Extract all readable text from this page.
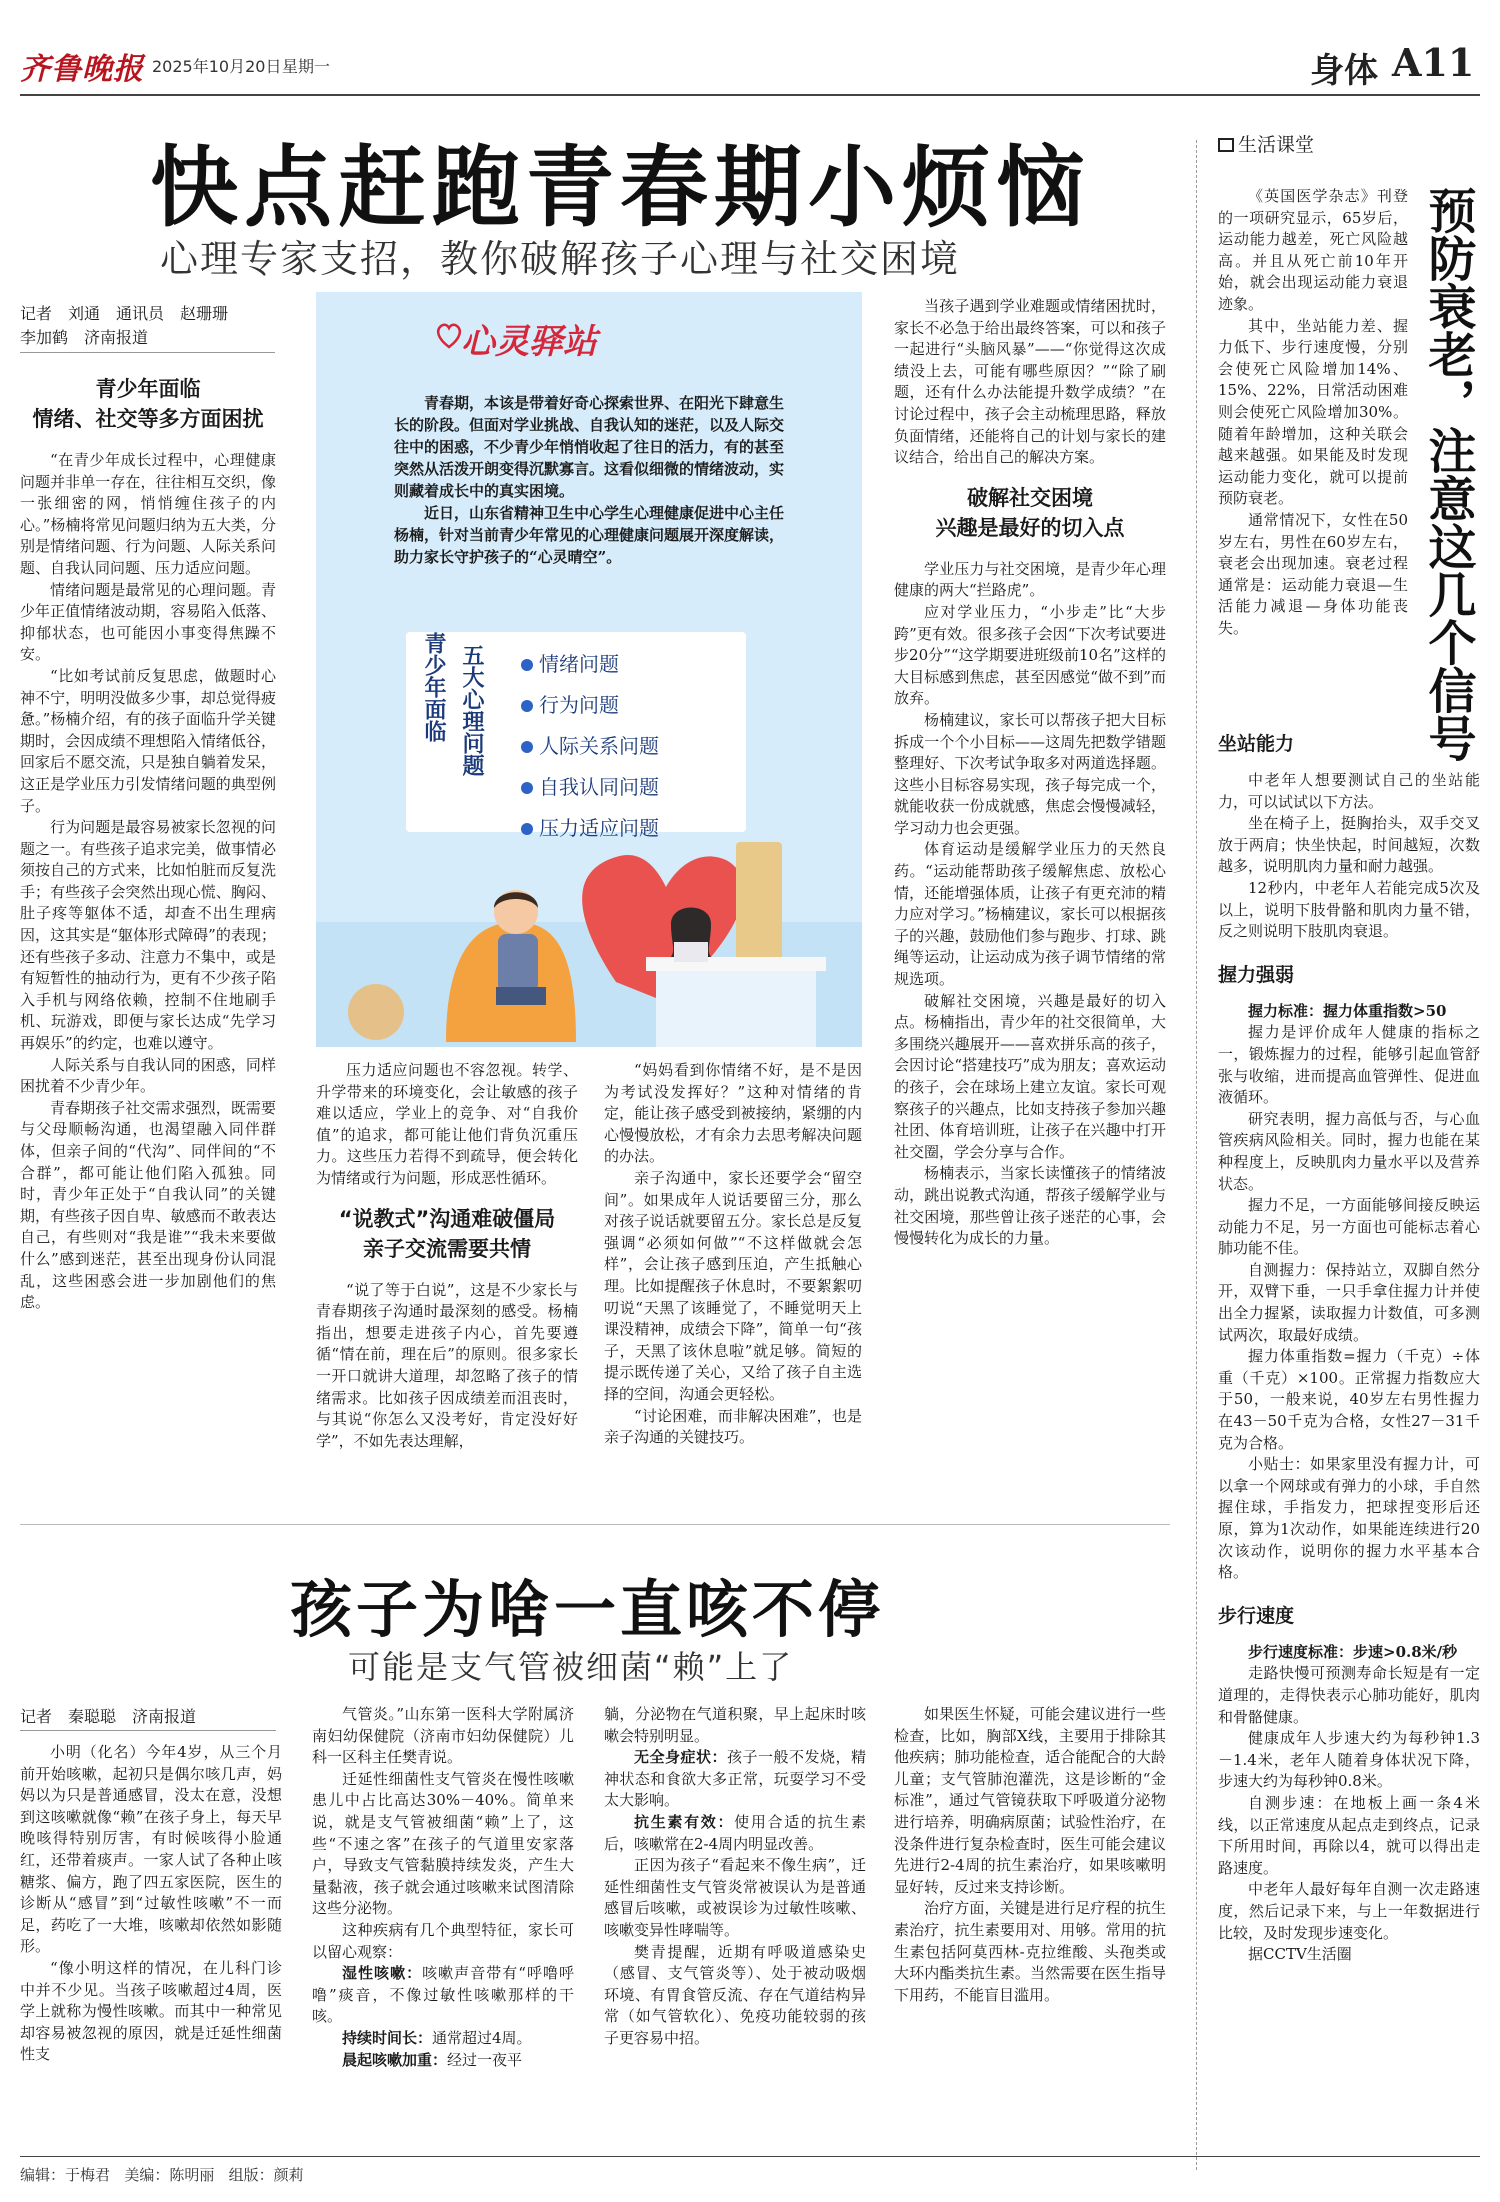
齐鲁晚报 2025年10月20日 星期一	身体 A11
快点赶跑青春期小烦恼
心理专家支招，教你破解孩子心理与社交困境
记者　刘通　通讯员　赵珊珊
李加鹤　济南报道
青少年面临
情绪、社交等多方面困扰

“在青少年成长过程中，心理健康问题并非单一存在，往往相互交织，像一张细密的网，悄悄缠住孩子的内心。”杨楠将常见问题归纳为五大类，分别是情绪问题、行为问题、人际关系问题、自我认同问题、压力适应问题。

情绪问题是最常见的心理问题。青少年正值情绪波动期，容易陷入低落、抑郁状态，也可能因小事变得焦躁不安。

“比如考试前反复思虑，做题时心神不宁，明明没做多少事，却总觉得疲惫。”杨楠介绍，有的孩子面临升学关键期时，会因成绩不理想陷入情绪低谷，回家后不愿交流，只是独自躺着发呆，这正是学业压力引发情绪问题的典型例子。

行为问题是最容易被家长忽视的问题之一。有些孩子追求完美，做事情必须按自己的方式来，比如怕脏而反复洗手；有些孩子会突然出现心慌、胸闷、肚子疼等躯体不适，却查不出生理病因，这其实是“躯体形式障碍”的表现；还有些孩子多动、注意力不集中，或是有短暂性的抽动行为，更有不少孩子陷入手机与网络依赖，控制不住地刷手机、玩游戏，即便与家长达成“先学习再娱乐”的约定，也难以遵守。

人际关系与自我认同的困惑，同样困扰着不少青少年。

青春期孩子社交需求强烈，既需要与父母顺畅沟通，也渴望融入同伴群体，但亲子间的“代沟”、同伴间的“不合群”，都可能让他们陷入孤独。同时，青少年正处于“自我认同”的关键期，有些孩子因自卑、敏感而不敢表达自己，有些则对“我是谁”“我未来要做什么”感到迷茫，甚至出现身份认同混乱，这些困惑会进一步加剧他们的焦虑。

心灵驿站

青春期，本该是带着好奇心探索世界、在阳光下肆意生长的阶段。但面对学业挑战、自我认知的迷茫，以及人际交往中的困惑，不少青少年悄悄收起了往日的活力，有的甚至突然从活泼开朗变得沉默寡言。这看似细微的情绪波动，实则藏着成长中的真实困境。

近日，山东省精神卫生中心学生心理健康促进中心主任杨楠，针对当前青少年常见的心理健康问题展开深度解读，助力家长守护孩子的“心灵晴空”。

五大心理问题
青少年面临	情绪问题
行为问题
人际关系问题
自我认同问题
压力适应问题

压力适应问题也不容忽视。转学、升学带来的环境变化，会让敏感的孩子难以适应，学业上的竞争、对“自我价值”的追求，都可能让他们背负沉重压力。这些压力若得不到疏导，便会转化为情绪或行为问题，形成恶性循环。

“说教式”沟通难破僵局
亲子交流需要共情

“说了等于白说”，这是不少家长与青春期孩子沟通时最深刻的感受。杨楠指出，想要走进孩子内心，首先要遵循“情在前，理在后”的原则。很多家长一开口就讲大道理，却忽略了孩子的情绪需求。比如孩子因成绩差而沮丧时，与其说“你怎么又没考好，肯定没好好学”，不如先表达理解，

“妈妈看到你情绪不好，是不是因为考试没发挥好？”这种对情绪的肯定，能让孩子感受到被接纳，紧绷的内心慢慢放松，才有余力去思考解决问题的办法。

亲子沟通中，家长还要学会“留空间”。如果成年人说话要留三分，那么对孩子说话就要留五分。家长总是反复强调“必须如何做”“不这样做就会怎样”，会让孩子感到压迫，产生抵触心理。比如提醒孩子休息时，不要絮絮叨叨说“天黑了该睡觉了，不睡觉明天上课没精神，成绩会下降”，简单一句“孩子，天黑了该休息啦”就足够。简短的提示既传递了关心，又给了孩子自主选择的空间，沟通会更轻松。

“讨论困难，而非解决困难”，也是亲子沟通的关键技巧。

当孩子遇到学业难题或情绪困扰时，家长不必急于给出最终答案，可以和孩子一起进行“头脑风暴”——“你觉得这次成绩没上去，可能有哪些原因？”“除了刷题，还有什么办法能提升数学成绩？”在讨论过程中，孩子会主动梳理思路，释放负面情绪，还能将自己的计划与家长的建议结合，给出自己的解决方案。

破解社交困境
兴趣是最好的切入点

学业压力与社交困境，是青少年心理健康的两大“拦路虎”。

应对学业压力，“小步走”比“大步跨”更有效。很多孩子会因“下次考试要进步20分”“这学期要进班级前10名”这样的大目标感到焦虑，甚至因感觉“做不到”而放弃。

杨楠建议，家长可以帮孩子把大目标拆成一个个小目标——这周先把数学错题整理好、下次考试争取多对两道选择题。这些小目标容易实现，孩子每完成一个，就能收获一份成就感，焦虑会慢慢减轻，学习动力也会更强。

体育运动是缓解学业压力的天然良药。“运动能帮助孩子缓解焦虑、放松心情，还能增强体质，让孩子有更充沛的精力应对学习。”杨楠建议，家长可以根据孩子的兴趣，鼓励他们参与跑步、打球、跳绳等运动，让运动成为孩子调节情绪的常规选项。

破解社交困境，兴趣是最好的切入点。杨楠指出，青少年的社交很简单，大多围绕兴趣展开——喜欢拼乐高的孩子，会因讨论“搭建技巧”成为朋友；喜欢运动的孩子，会在球场上建立友谊。家长可观察孩子的兴趣点，比如支持孩子参加兴趣社团、体育培训班，让孩子在兴趣中打开社交圈，学会分享与合作。

杨楠表示，当家长读懂孩子的情绪波动，跳出说教式沟通，帮孩子缓解学业与社交困境，那些曾让孩子迷茫的心事，会慢慢转化为成长的力量。

生活课堂
预防衰老，注意这几个信号

《英国医学杂志》刊登的一项研究显示，65岁后，运动能力越差，死亡风险越高。并且从死亡前10年开始，就会出现运动能力衰退迹象。

其中，坐站能力差、握力低下、步行速度慢，分别会使死亡风险增加14%、15%、22%，日常活动困难则会使死亡风险增加30%。随着年龄增加，这种关联会越来越强。如果能及时发现运动能力变化，就可以提前预防衰老。

通常情况下，女性在50岁左右，男性在60岁左右，衰老会出现加速。衰老过程通常是：运动能力衰退—生活能力减退—身体功能丧失。

坐站能力

中老年人想要测试自己的坐站能力，可以试试以下方法。

坐在椅子上，挺胸抬头，双手交叉放于两肩；快坐快起，时间越短，次数越多，说明肌肉力量和耐力越强。

12秒内，中老年人若能完成5次及以上，说明下肢骨骼和肌肉力量不错，反之则说明下肢肌肉衰退。

握力强弱

握力标准：握力体重指数>50

握力是评价成年人健康的指标之一，锻炼握力的过程，能够引起血管舒张与收缩，进而提高血管弹性、促进血液循环。

研究表明，握力高低与否，与心血管疾病风险相关。同时，握力也能在某种程度上，反映肌肉力量水平以及营养状态。

握力不足，一方面能够间接反映运动能力不足，另一方面也可能标志着心肺功能不佳。

自测握力：保持站立，双脚自然分开，双臂下垂，一只手拿住握力计并使出全力握紧，读取握力计数值，可多测试两次，取最好成绩。

握力体重指数=握力（千克）÷体重（千克）×100。正常握力指数应大于50，一般来说，40岁左右男性握力在43－50千克为合格，女性27－31千克为合格。

小贴士：如果家里没有握力计，可以拿一个网球或有弹力的小球，手自然握住球，手指发力，把球捏变形后还原，算为1次动作，如果能连续进行20次该动作，说明你的握力水平基本合格。

步行速度

步行速度标准：步速>0.8米/秒

走路快慢可预测寿命长短是有一定道理的，走得快表示心肺功能好，肌肉和骨骼健康。

健康成年人步速大约为每秒钟1.3－1.4米，老年人随着身体状况下降，步速大约为每秒钟0.8米。

自测步速：在地板上画一条4米线，以正常速度从起点走到终点，记录下所用时间，再除以4，就可以得出走路速度。

中老年人最好每年自测一次走路速度，然后记录下来，与上一年数据进行比较，及时发现步速变化。

据CCTV生活圈

孩子为啥一直咳不停
可能是支气管被细菌“赖”上了
记者　秦聪聪　济南报道

小明（化名）今年4岁，从三个月前开始咳嗽，起初只是偶尔咳几声，妈妈以为只是普通感冒，没太在意，没想到这咳嗽就像“赖”在孩子身上，每天早晚咳得特别厉害，有时候咳得小脸通红，还带着痰声。一家人试了各种止咳糖浆、偏方，跑了四五家医院，医生的诊断从“感冒”到“过敏性咳嗽”不一而足，药吃了一大堆，咳嗽却依然如影随形。

“像小明这样的情况，在儿科门诊中并不少见。当孩子咳嗽超过4周，医学上就称为慢性咳嗽。而其中一种常见却容易被忽视的原因，就是迁延性细菌性支

气管炎。”山东第一医科大学附属济南妇幼保健院（济南市妇幼保健院）儿科一区科主任樊青说。

迁延性细菌性支气管炎在慢性咳嗽患儿中占比高达30%－40%。简单来说，就是支气管被细菌“赖”上了，这些“不速之客”在孩子的气道里安家落户，导致支气管黏膜持续发炎，产生大量黏液，孩子就会通过咳嗽来试图清除这些分泌物。

这种疾病有几个典型特征，家长可以留心观察：

湿性咳嗽：咳嗽声音带有“呼噜呼噜”痰音，不像过敏性咳嗽那样的干咳。

持续时间长：通常超过4周。

晨起咳嗽加重：经过一夜平

躺，分泌物在气道积聚，早上起床时咳嗽会特别明显。

无全身症状：孩子一般不发烧，精神状态和食欲大多正常，玩耍学习不受太大影响。

抗生素有效：使用合适的抗生素后，咳嗽常在2-4周内明显改善。

正因为孩子“看起来不像生病”，迁延性细菌性支气管炎常被误认为是普通感冒后咳嗽，或被误诊为过敏性咳嗽、咳嗽变异性哮喘等。

樊青提醒，近期有呼吸道感染史（感冒、支气管炎等）、处于被动吸烟环境、有胃食管反流、存在气道结构异常（如气管软化）、免疫功能较弱的孩子更容易中招。

如果医生怀疑，可能会建议进行一些检查，比如，胸部X线，主要用于排除其他疾病；肺功能检查，适合能配合的大龄儿童；支气管肺泡灌洗，这是诊断的“金标准”，通过气管镜获取下呼吸道分泌物进行培养，明确病原菌；试验性治疗，在没条件进行复杂检查时，医生可能会建议先进行2-4周的抗生素治疗，如果咳嗽明显好转，反过来支持诊断。

治疗方面，关键是进行足疗程的抗生素治疗，抗生素要用对、用够。常用的抗生素包括阿莫西林-克拉维酸、头孢类或大环内酯类抗生素。当然需要在医生指导下用药，不能盲目滥用。

编辑：于梅君 美编：陈明丽 组版：颜莉
